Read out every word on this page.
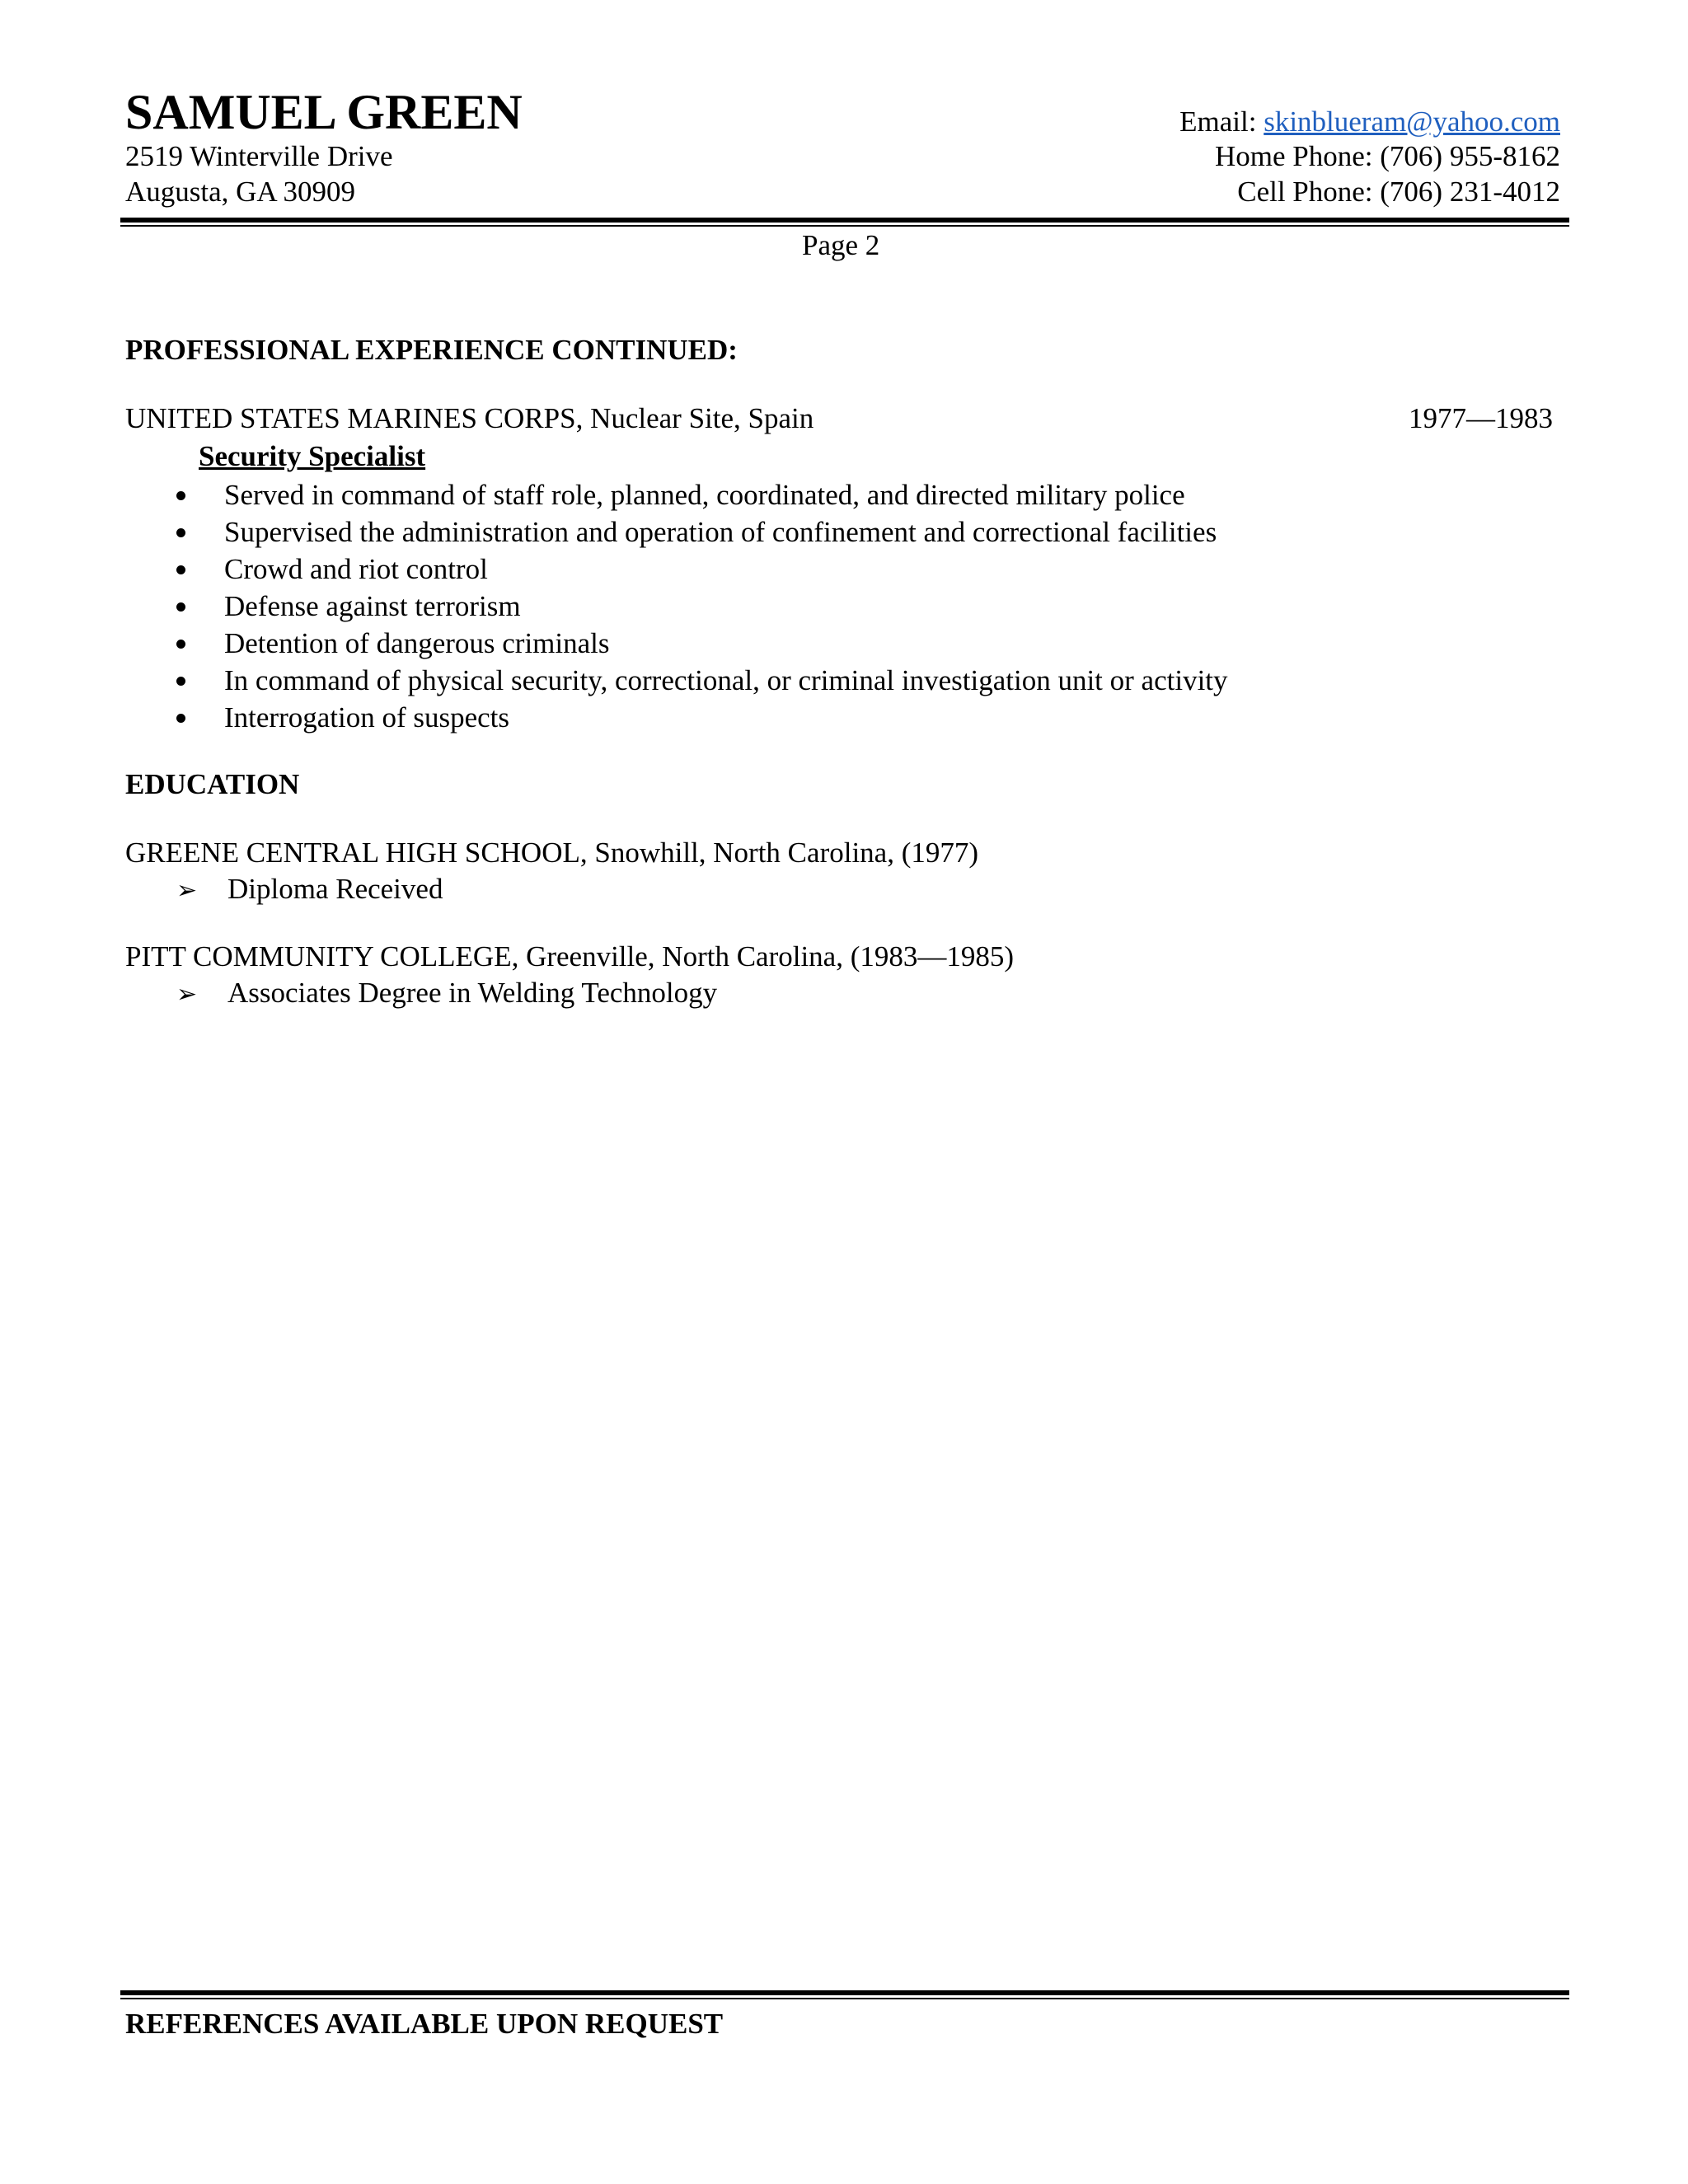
SAMUEL GREEN
2519 Winterville Drive
Augusta, GA 30909
Email: skinblueram@yahoo.com
Home Phone: (706) 955-8162
Cell Phone: (706) 231-4012
Page 2
PROFESSIONAL EXPERIENCE CONTINUED:
UNITED STATES MARINES CORPS, Nuclear Site, Spain	1977—1983
Security Specialist
Served in command of staff role, planned, coordinated, and directed military police
Supervised the administration and operation of confinement and correctional facilities
Crowd and riot control
Defense against terrorism
Detention of dangerous criminals
In command of physical security, correctional, or criminal investigation unit or activity
Interrogation of suspects
EDUCATION
GREENE CENTRAL HIGH SCHOOL, Snowhill, North Carolina, (1977)
➢ Diploma Received
PITT COMMUNITY COLLEGE, Greenville, North Carolina, (1983—1985)
➢ Associates Degree in Welding Technology
REFERENCES AVAILABLE UPON REQUEST
